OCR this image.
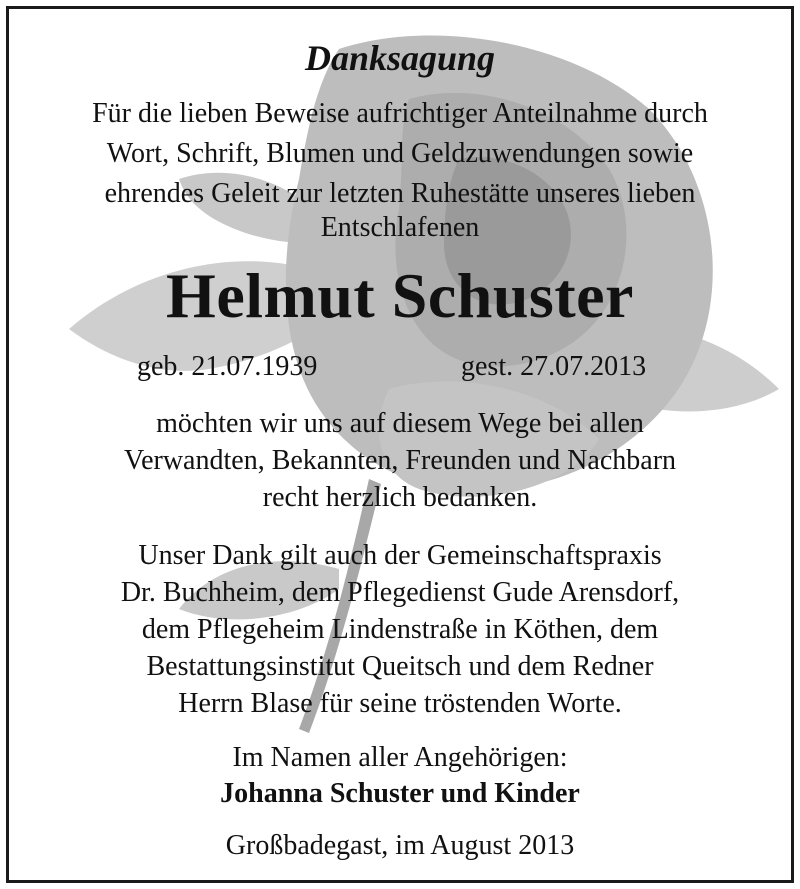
Danksagung
Für die lieben Beweise aufrichtiger Anteilnahme durch
Wort, Schrift, Blumen und Geldzuwendungen sowie
ehrendes Geleit zur letzten Ruhestätte unseres lieben
Entschlafenen
Helmut Schuster
geb. 21.07.1939	gest. 27.07.2013
möchten wir uns auf diesem Wege bei allen
Verwandten, Bekannten, Freunden und Nachbarn
recht herzlich bedanken.
Unser Dank gilt auch der Gemeinschaftspraxis
Dr. Buchheim, dem Pflegedienst Gude Arensdorf,
dem Pflegeheim Lindenstraße in Köthen, dem
Bestattungsinstitut Queitsch und dem Redner
Herrn Blase für seine tröstenden Worte.
Im Namen aller Angehörigen:
Johanna Schuster und Kinder
Großbadegast, im August 2013
